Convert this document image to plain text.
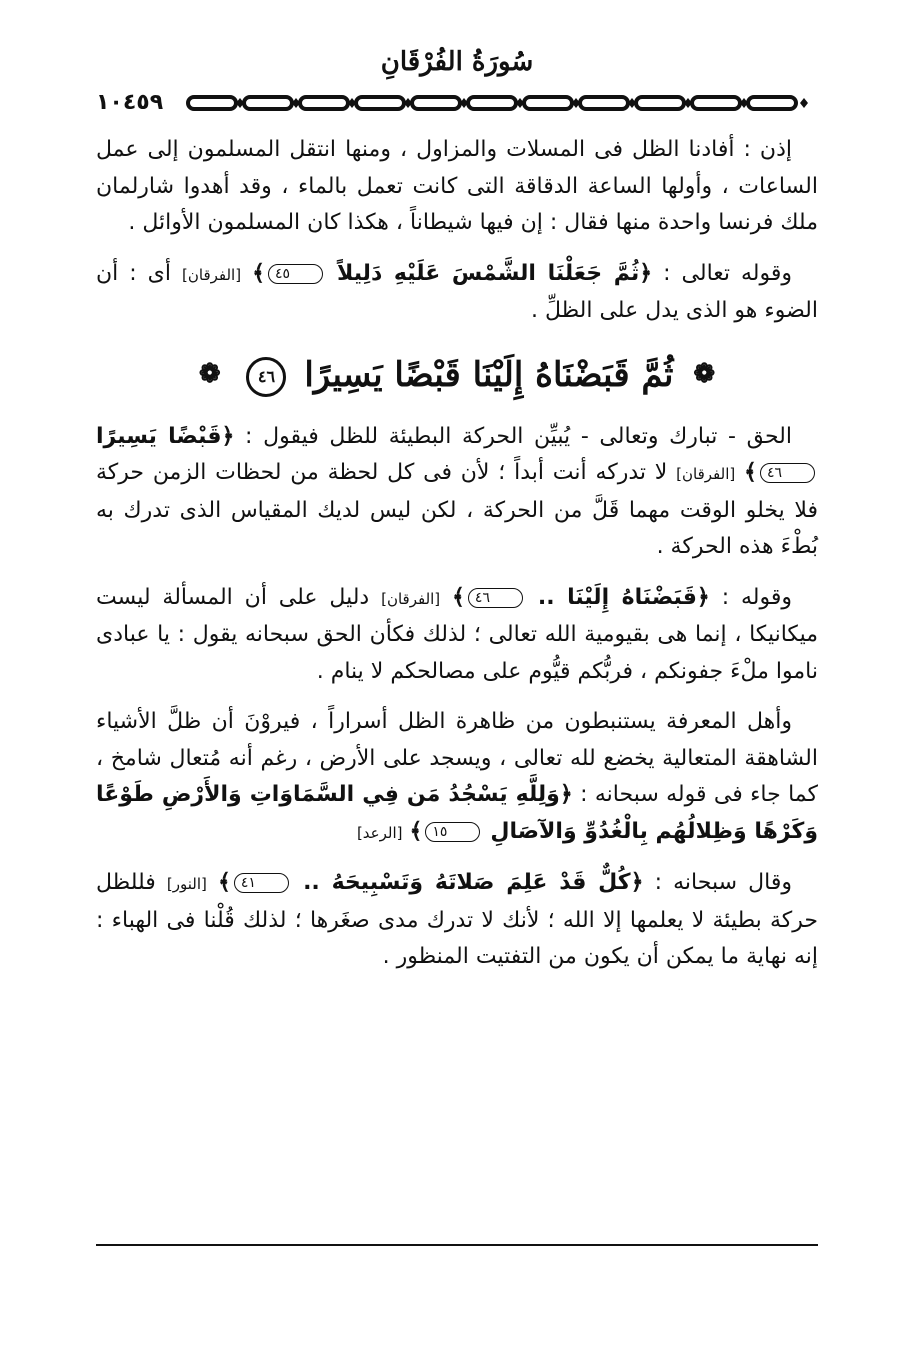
سُورَةُ الفُرْقَانِ
١٠٤٥٩

إذن : أفادنا الظل فى المسلات والمزاول ، ومنها انتقل المسلمون إلى عمل الساعات ، وأولها الساعة الدقاقة التى كانت تعمل بالماء ، وقد أهدوا شارلمان ملك فرنسا واحدة منها فقال : إن فيها شيطاناً ، هكذا كان المسلمون الأوائل .

وقوله تعالى : ﴿ثُمَّ جَعَلْنَا الشَّمْسَ عَلَيْهِ دَلِيلاً ٤٥﴾ [الفرقان] أى : أن الضوء هو الذى يدل على الظلِّ .

❁ ثُمَّ قَبَضْنَاهُ إِلَيْنَا قَبْضًا يَسِيرًا ٤٦ ❁

الحق - تبارك وتعالى - يُبيِّن الحركة البطيئة للظل فيقول : ﴿قَبْضًا يَسِيرًا ٤٦﴾ [الفرقان] لا تدركه أنت أبداً ؛ لأن فى كل لحظة من لحظات الزمن حركة فلا يخلو الوقت مهما قَلَّ من الحركة ، لكن ليس لديك المقياس الذى تدرك به بُطْءَ هذه الحركة .

وقوله : ﴿قَبَضْنَاهُ إِلَيْنَا .. ٤٦﴾ [الفرقان] دليل على أن المسألة ليست ميكانيكا ، إنما هى بقيومية الله تعالى ؛ لذلك فكأن الحق سبحانه يقول : يا عبادى ناموا ملْءَ جفونكم ، فربُّكم قيُّوم على مصالحكم لا ينام .

وأهل المعرفة يستنبطون من ظاهرة الظل أسراراً ، فيروْنَ أن ظلَّ الأشياء الشاهقة المتعالية يخضع لله تعالى ، ويسجد على الأرض ، رغم أنه مُتعال شامخ ، كما جاء فى قوله سبحانه : ﴿وَلِلَّهِ يَسْجُدُ مَن فِي السَّمَاوَاتِ وَالأَرْضِ طَوْعًا وَكَرْهًا وَظِلالُهُم بِالْغُدُوِّ وَالآصَالِ ١٥﴾ [الرعد]

وقال سبحانه : ﴿كُلٌّ قَدْ عَلِمَ صَلاتَهُ وَتَسْبِيحَهُ .. ٤١﴾ [النور] فللظل حركة بطيئة لا يعلمها إلا الله ؛ لأنك لا تدرك مدى صغَرها ؛ لذلك قُلْنا فى الهباء : إنه نهاية ما يمكن أن يكون من التفتيت المنظور .
